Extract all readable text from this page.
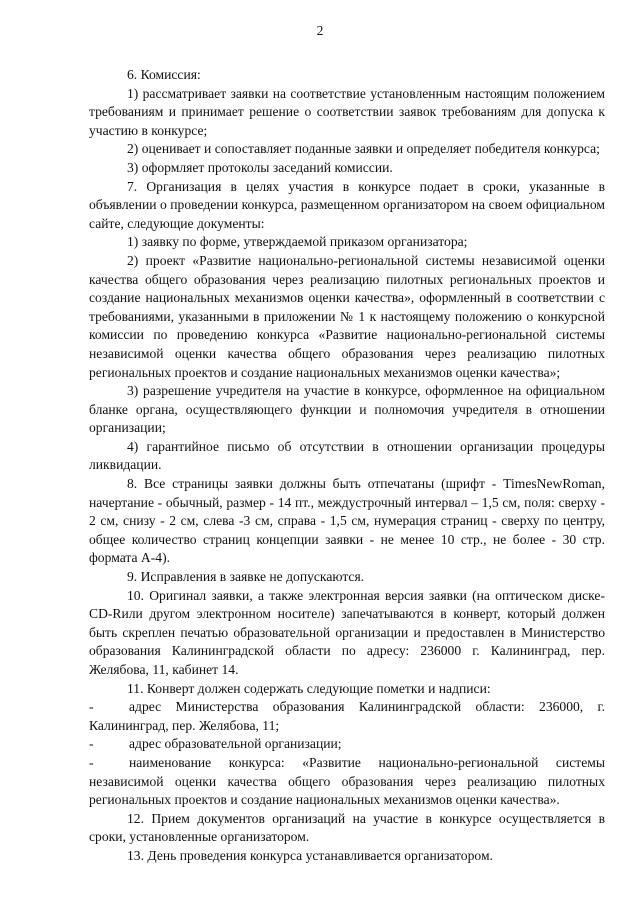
2

6. Комиссия:

1) рассматривает заявки на соответствие установленным настоящим положением требованиям и принимает решение о соответствии заявок требованиям для допуска к участию в конкурсе;

2) оценивает и сопоставляет поданные заявки и определяет победителя конкурса;

3) оформляет протоколы заседаний комиссии.

7. Организация в целях участия в конкурсе подает в сроки, указанные в объявлении о проведении конкурса, размещенном организатором на своем официальном сайте, следующие документы:

1) заявку по форме, утверждаемой приказом организатора;

2) проект «Развитие национально-региональной системы независимой оценки качества общего образования через реализацию пилотных региональных проектов и создание национальных механизмов оценки качества», оформленный в соответствии с требованиями, указанными в приложении № 1 к настоящему положению о конкурсной комиссии по проведению конкурса «Развитие национально-региональной системы независимой оценки качества общего образования через реализацию пилотных региональных проектов и создание национальных механизмов оценки качества»;

3) разрешение учредителя на участие в конкурсе, оформленное на официальном бланке органа, осуществляющего функции и полномочия учредителя в отношении организации;

4) гарантийное письмо об отсутствии в отношении организации процедуры ликвидации.

8. Все страницы заявки должны быть отпечатаны (шрифт - TimesNewRoman, начертание - обычный, размер - 14 пт., междустрочный интервал – 1,5 см, поля: сверху - 2 см, снизу - 2 см, слева -3 см, справа - 1,5 см, нумерация страниц - сверху по центру, общее количество страниц концепции заявки - не менее 10 стр., не более - 30 стр. формата А-4).

9. Исправления в заявке не допускаются.

10. Оригинал заявки, а также электронная версия заявки (на оптическом диске-CD-Rили другом электронном носителе) запечатываются в конверт, который должен быть скреплен печатью образовательной организации и предоставлен в Министерство образования Калининградской области по адресу: 236000 г. Калининград, пер. Желябова, 11, кабинет 14.

11. Конверт должен содержать следующие пометки и надписи:

-	адрес Министерства образования Калининградской области: 236000, г. Калининград, пер. Желябова, 11;

-	адрес образовательной организации;

-	наименование конкурса: «Развитие национально-региональной системы независимой оценки качества общего образования через реализацию пилотных региональных проектов и создание национальных механизмов оценки качества».

12. Прием документов организаций на участие в конкурсе осуществляется в сроки, установленные организатором.

13. День проведения конкурса устанавливается организатором.
